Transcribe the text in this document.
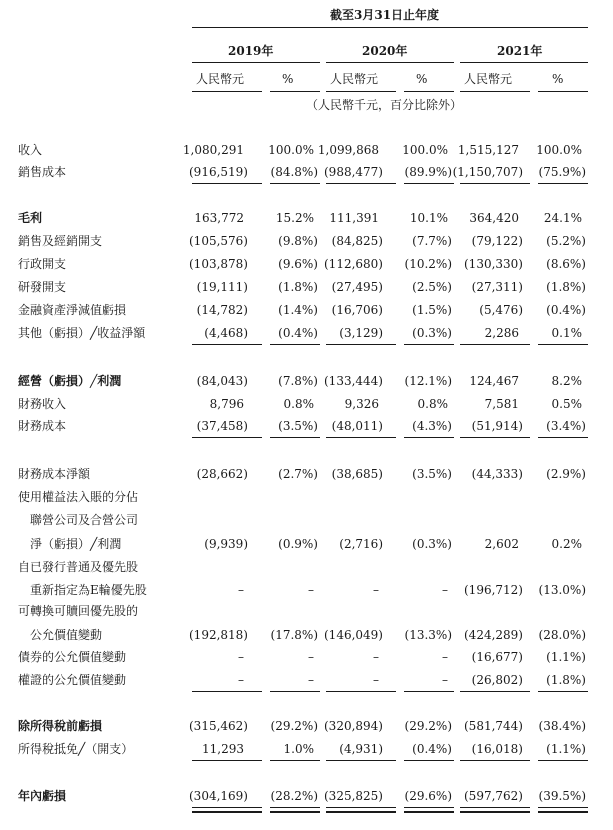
截至3月31日止年度
2019年	2020年	2021年
人民幣元	%	人民幣元	%	人民幣元	%
（人民幣千元，百分比除外）
收入	1,080,291 100.0% 1,099,868 100.0% 1,515,127 100.0%
銷售成本	(916,519) (84.8%) (988,477) (89.9%) (1,150,707) (75.9%)
毛利	163,772	15.2% 111,391	10.1% 364,420 24.1%
銷售及經銷開支	(105,576)	(9.8%) (84,825) (7.7%) (79,122) (5.2%)
行政開支	(103,878)	(9.6%) (112,680) (10.2%) (130,330) (8.6%)
研發開支	(19,111)	(1.8%) (27,495) (2.5%) (27,311) (1.8%)
金融資產淨減值虧損	(14,782)	(1.4%) (16,706) (1.5%) (5,476) (0.4%)
其他（虧損）╱收益淨額	(4,468)	(0.4%) (3,129) (0.3%)	2,286	0.1%
經營（虧損）╱利潤	(84,043)	(7.8%) (133,444) (12.1%) 124,467	8.2%
財務收入	8,796	0.8%	9,326	0.8%	7,581	0.5%
財務成本	(37,458)	(3.5%) (48,011) (4.3%) (51,914) (3.4%)
財務成本淨額	(28,662)	(2.7%) (38,685) (3.5%) (44,333) (2.9%)
使用權益法入賬的分佔
聯營公司及合營公司
淨（虧損）╱利潤	(9,939)	(0.9%) (2,716) (0.3%)	2,602	0.2%
自已發行普通及優先股
重新指定為E輪優先股	–	–	–	– (196,712) (13.0%)
可轉換可贖回優先股的
公允價值變動	(192,818) (17.8%) (146,049) (13.3%) (424,289) (28.0%)
債券的公允價值變動	–	–	–	– (16,677) (1.1%)
權證的公允價值變動	–	–	–	– (26,802) (1.8%)
除所得稅前虧損	(315,462) (29.2%) (320,894) (29.2%) (581,744) (38.4%)
所得稅抵免╱（開支）	11,293	1.0% (4,931) (0.4%) (16,018) (1.1%)
年內虧損	(304,169) (28.2%) (325,825) (29.6%) (597,762) (39.5%)
